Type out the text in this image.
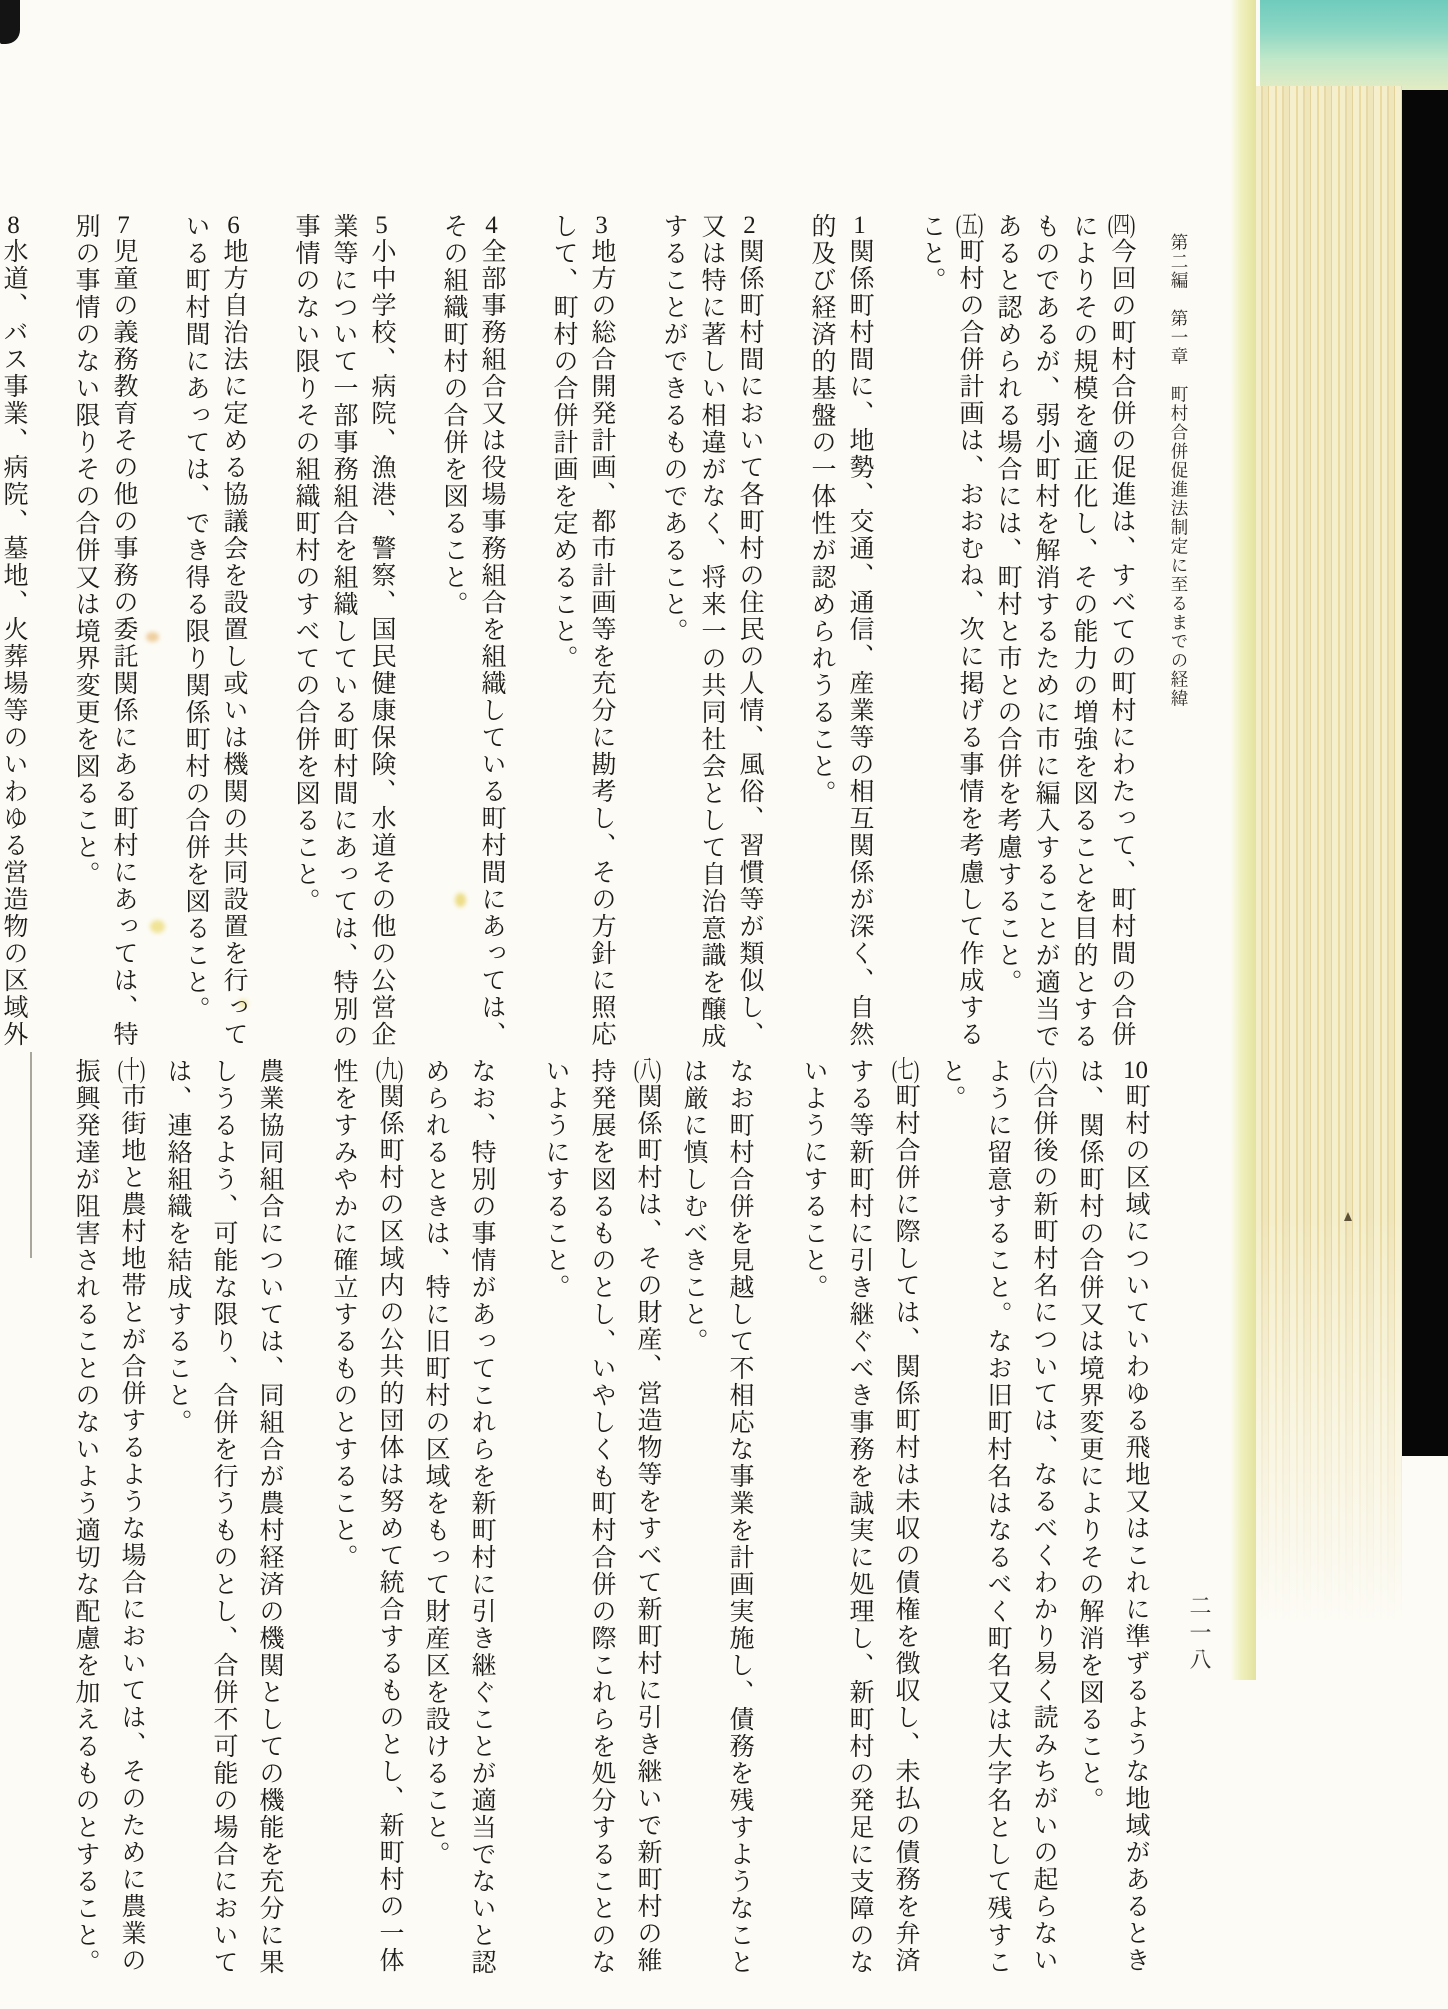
第二編　第一章　町村合併促進法制定に至るまでの経緯
二一八

(四)今回の町村合併の促進は、すべての町村にわたって、町村間の合併によりその規模を適正化し、その能力の増強を図ることを目的とするものであるが、弱小町村を解消するために市に編入することが適当であると認められる場合には、町村と市との合併を考慮すること。

(五)町村の合併計画は、おおむね、次に掲げる事情を考慮して作成すること。

1関係町村間に、地勢、交通、通信、産業等の相互関係が深く、自然的及び経済的基盤の一体性が認められうること。

2関係町村間において各町村の住民の人情、風俗、習慣等が類似し、又は特に著しい相違がなく、将来一の共同社会として自治意識を醸成することができるものであること。

3地方の総合開発計画、都市計画等を充分に勘考し、その方針に照応して、町村の合併計画を定めること。

4全部事務組合又は役場事務組合を組織している町村間にあっては、その組織町村の合併を図ること。

5小中学校、病院、漁港、警察、国民健康保険、水道その他の公営企業等について一部事務組合を組織している町村間にあっては、特別の事情のない限りその組織町村のすべての合併を図ること。

6地方自治法に定める協議会を設置し或いは機関の共同設置を行っている町村間にあっては、でき得る限り関係町村の合併を図ること。

7児童の義務教育その他の事務の委託関係にある町村にあっては、特別の事情のない限りその合併又は境界変更を図ること。

8水道、バス事業、病院、墓地、火葬場等のいわゆる営造物の区域外

10町村の区域についていわゆる飛地又はこれに準ずるような地域があるときは、関係町村の合併又は境界変更によりその解消を図ること。

(六)合併後の新町村名については、なるべくわかり易く読みちがいの起らないように留意すること。なお旧町村名はなるべく町名又は大字名として残すこと。

(七)町村合併に際しては、関係町村は未収の債権を徴収し、未払の債務を弁済する等新町村に引き継ぐべき事務を誠実に処理し、新町村の発足に支障のないようにすること。

なお町村合併を見越して不相応な事業を計画実施し、債務を残すようなことは厳に慎しむべきこと。

(八)関係町村は、その財産、営造物等をすべて新町村に引き継いで新町村の維持発展を図るものとし、いやしくも町村合併の際これらを処分することのないようにすること。

なお、特別の事情があってこれらを新町村に引き継ぐことが適当でないと認められるときは、特に旧町村の区域をもって財産区を設けること。

(九)関係町村の区域内の公共的団体は努めて統合するものとし、新町村の一体性をすみやかに確立するものとすること。

農業協同組合については、同組合が農村経済の機関としての機能を充分に果しうるよう、可能な限り、合併を行うものとし、合併不可能の場合においては、連絡組織を結成すること。

(十)市街地と農村地帯とが合併するような場合においては、そのために農業の振興発達が阻害されることのないよう適切な配慮を加えるものとすること。
